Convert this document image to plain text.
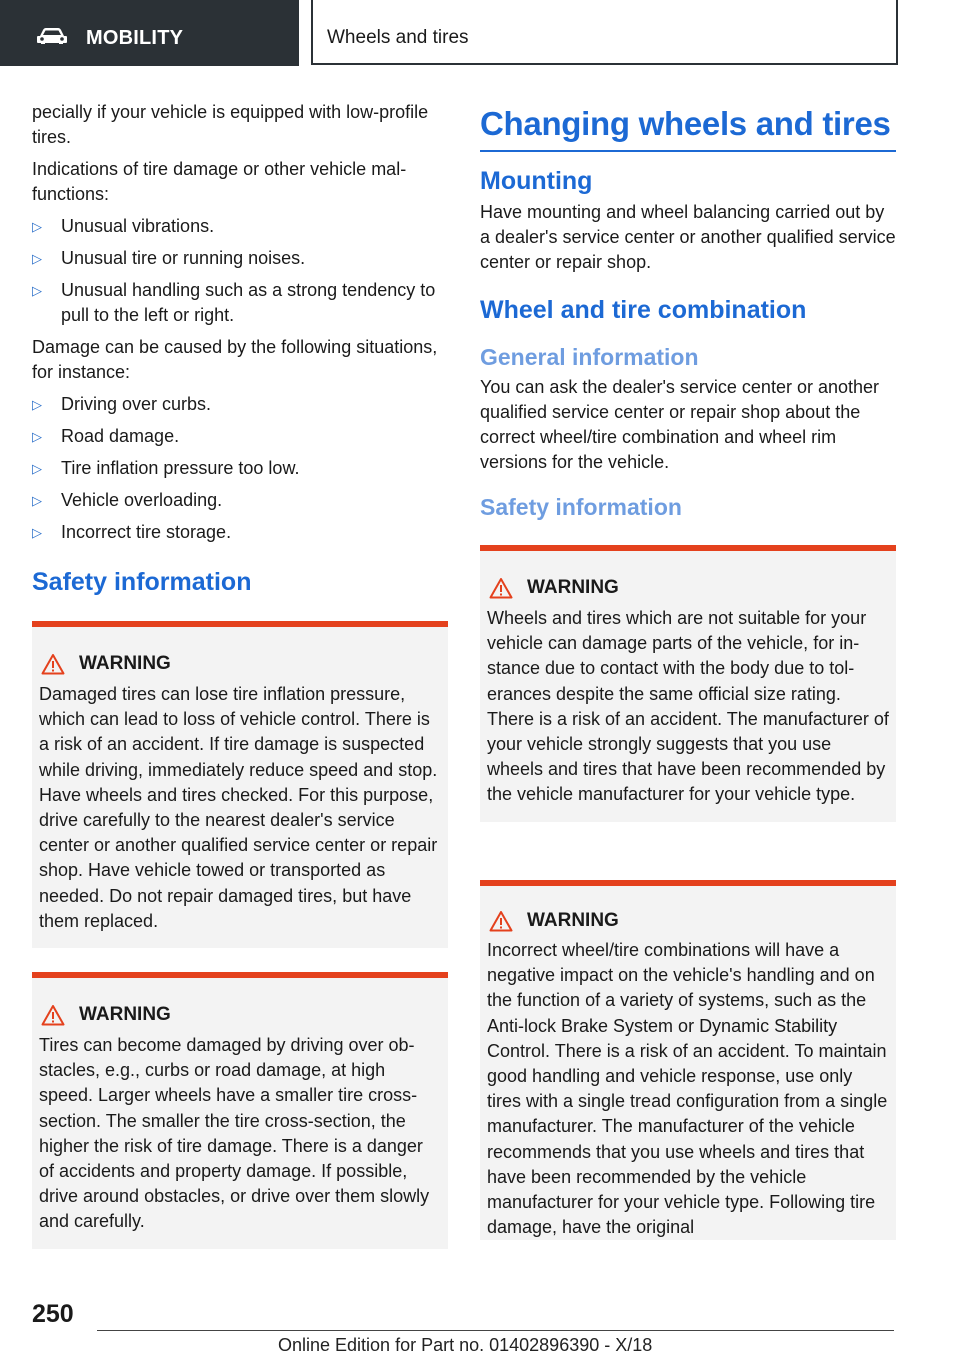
MOBILITY	Wheels and tires

pecially if your vehicle is equipped with low-profile tires.

Indications of tire damage or other vehicle malfunctions:

▷ Unusual vibrations.
▷ Unusual tire or running noises.
▷ Unusual handling such as a strong tendency to pull to the left or right.

Damage can be caused by the following situations, for instance:

▷ Driving over curbs.
▷ Road damage.
▷ Tire inflation pressure too low.
▷ Vehicle overloading.
▷ Incorrect tire storage.
Safety information
WARNING
Damaged tires can lose tire inflation pressure, which can lead to loss of vehicle control. There is a risk of an accident. If tire damage is suspected while driving, immediately reduce speed and stop. Have wheels and tires checked. For this purpose, drive carefully to the nearest dealer's service center or another qualified service center or repair shop. Have vehicle towed or transported as needed. Do not repair damaged tires, but have them replaced.
WARNING
Tires can become damaged by driving over obstacles, e.g., curbs or road damage, at high speed. Larger wheels have a smaller tire cross-section. The smaller the tire cross-section, the higher the risk of tire damage. There is a danger of accidents and property damage. If possible, drive around obstacles, or drive over them slowly and carefully.
Changing wheels and tires
Mounting

Have mounting and wheel balancing carried out by a dealer's service center or another qualified service center or repair shop.

Wheel and tire combination
General information

You can ask the dealer's service center or another qualified service center or repair shop about the correct wheel/tire combination and wheel rim versions for the vehicle.

Safety information
WARNING
Wheels and tires which are not suitable for your vehicle can damage parts of the vehicle, for instance due to contact with the body due to tolerances despite the same official size rating. There is a risk of an accident. The manufacturer of your vehicle strongly suggests that you use wheels and tires that have been recommended by the vehicle manufacturer for your vehicle type.
WARNING
Incorrect wheel/tire combinations will have a negative impact on the vehicle's handling and on the function of a variety of systems, such as the Anti-lock Brake System or Dynamic Stability Control. There is a risk of an accident. To maintain good handling and vehicle response, use only tires with a single tread configuration from a single manufacturer. The manufacturer of the vehicle recommends that you use wheels and tires that have been recommended by the vehicle manufacturer for your vehicle type. Following tire damage, have the original
250
Online Edition for Part no. 01402896390 - X/18
